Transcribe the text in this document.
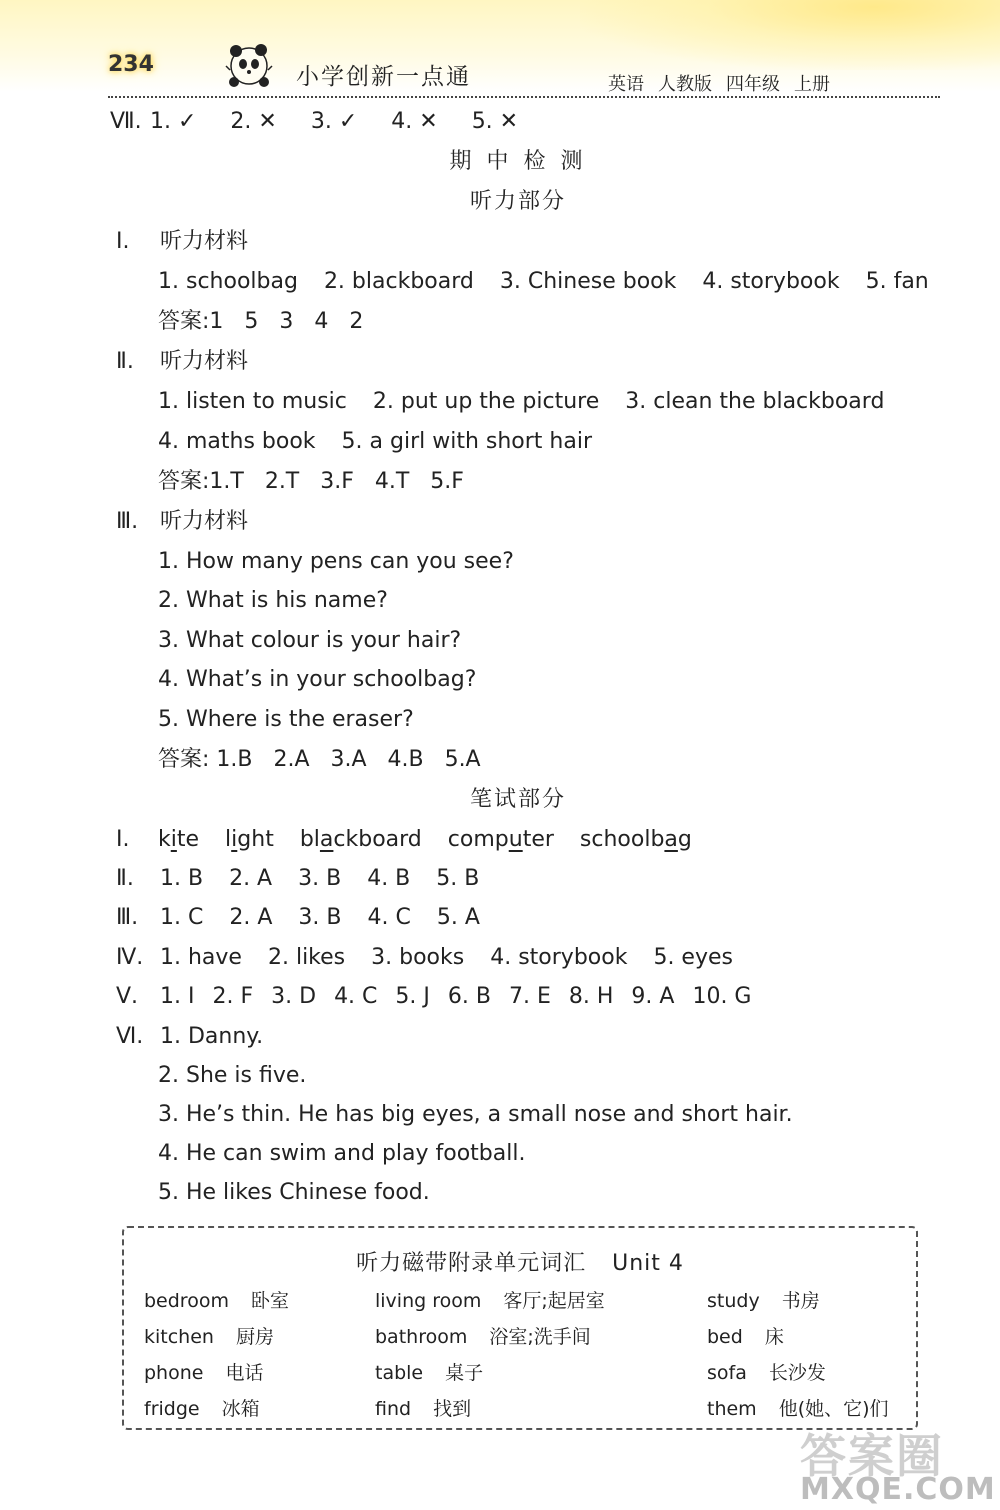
234	小学创新一点通	英语 人教版 四年级 上册
Ⅶ. 1. ✓ 2. ✕ 3. ✓ 4. ✕ 5. ✕
期 中 检 测
听力部分
Ⅰ. 听力材料
1. schoolbag 2. blackboard 3. Chinese book 4. storybook 5. fan
答案:1   5   3   4   2
Ⅱ. 听力材料
1. listen to music 2. put up the picture 3. clean the blackboard
4. maths book 5. a girl with short hair
答案:1.T   2.T   3.F   4.T   5.F
Ⅲ. 听力材料
1. How many pens can you see?
2. What is his name?
3. What colour is your hair?
4. What’s in your schoolbag?
5. Where is the eraser?
答案: 1.B   2.A   3.A   4.B   5.A
笔试部分
Ⅰ. kite light blackboard computer schoolbag
Ⅱ. 1. B 2. A 3. B 4. B 5. B
Ⅲ. 1. C 2. A 3. B 4. C 5. A
Ⅳ. 1. have 2. likes 3. books 4. storybook 5. eyes
Ⅴ. 1. I 2. F 3. D 4. C 5. J 6. B 7. E 8. H 9. A 10. G
Ⅵ. 1. Danny.
2. She is five.
3. He’s thin. He has big eyes, a small nose and short hair.
4. He can swim and play football.
5. He likes Chinese food.
听力磁带附录单元词汇 Unit 4
bedroom 卧室	living room 客厅;起居室	study 书房
kitchen 厨房	bathroom 浴室;洗手间	bed 床
phone 电话	table 桌子	sofa 长沙发
fridge 冰箱	find 找到	them 他(她、它)们
答案圈
MXQE.COM
